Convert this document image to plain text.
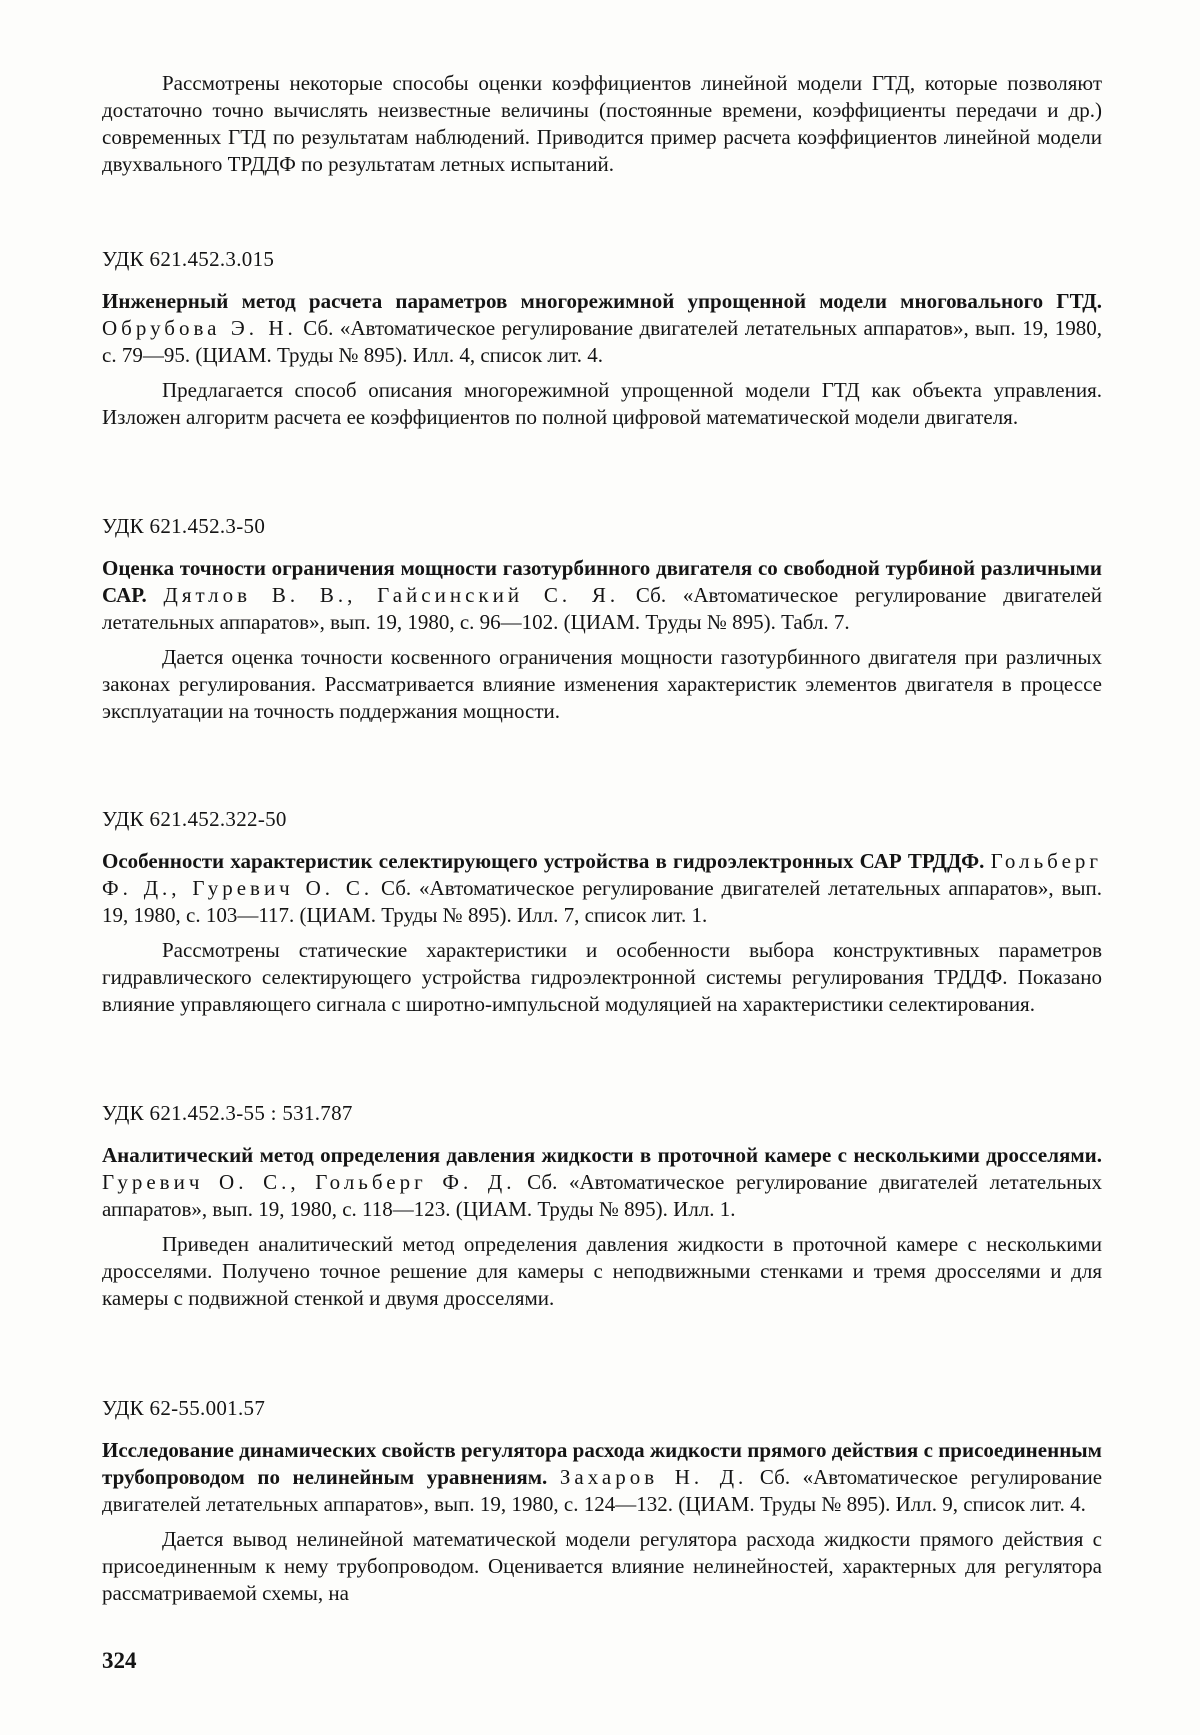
Рассмотрены некоторые способы оценки коэффициентов линейной модели ГТД, которые позволяют достаточно точно вычислять неизвестные величины (постоянные времени, коэффициенты передачи и др.) современных ГТД по результатам наблюдений. Приводится пример расчета коэффициентов линейной модели двухвального ТРДДФ по результатам летных испытаний.

УДК 621.452.3.015

Инженерный метод расчета параметров многорежимной упрощенной модели многовального ГТД. Обрубова Э. Н. Сб. «Автоматическое регулирование двигателей летательных аппаратов», вып. 19, 1980, с. 79—95. (ЦИАМ. Труды № 895). Илл. 4, список лит. 4.

Предлагается способ описания многорежимной упрощенной модели ГТД как объекта управления. Изложен алгоритм расчета ее коэффициентов по полной цифровой математической модели двигателя.

УДК 621.452.3-50

Оценка точности ограничения мощности газотурбинного двигателя со свободной турбиной различными САР. Дятлов В. В., Гайсинский С. Я. Сб. «Автоматическое регулирование двигателей летательных аппаратов», вып. 19, 1980, с. 96—102. (ЦИАМ. Труды № 895). Табл. 7.

Дается оценка точности косвенного ограничения мощности газотурбинного двигателя при различных законах регулирования. Рассматривается влияние изменения характеристик элементов двигателя в процессе эксплуатации на точность поддержания мощности.

УДК 621.452.322-50

Особенности характеристик селектирующего устройства в гидроэлектронных САР ТРДДФ. Гольберг Ф. Д., Гуревич О. С. Сб. «Автоматическое регулирование двигателей летательных аппаратов», вып. 19, 1980, с. 103—117. (ЦИАМ. Труды № 895). Илл. 7, список лит. 1.

Рассмотрены статические характеристики и особенности выбора конструктивных параметров гидравлического селектирующего устройства гидроэлектронной системы регулирования ТРДДФ. Показано влияние управляющего сигнала с широтно-импульсной модуляцией на характеристики селектирования.

УДК 621.452.3-55 : 531.787

Аналитический метод определения давления жидкости в проточной камере с несколькими дросселями. Гуревич О. С., Гольберг Ф. Д. Сб. «Автоматическое регулирование двигателей летательных аппаратов», вып. 19, 1980, с. 118—123. (ЦИАМ. Труды № 895). Илл. 1.

Приведен аналитический метод определения давления жидкости в проточной камере с несколькими дросселями. Получено точное решение для камеры с неподвижными стенками и тремя дросселями и для камеры с подвижной стенкой и двумя дросселями.

УДК 62-55.001.57

Исследование динамических свойств регулятора расхода жидкости прямого действия с присоединенным трубопроводом по нелинейным уравнениям. Захаров Н. Д. Сб. «Автоматическое регулирование двигателей летательных аппаратов», вып. 19, 1980, с. 124—132. (ЦИАМ. Труды № 895). Илл. 9, список лит. 4.

Дается вывод нелинейной математической модели регулятора расхода жидкости прямого действия с присоединенным к нему трубопроводом. Оценивается влияние нелинейностей, характерных для регулятора рассматриваемой схемы, на

324
